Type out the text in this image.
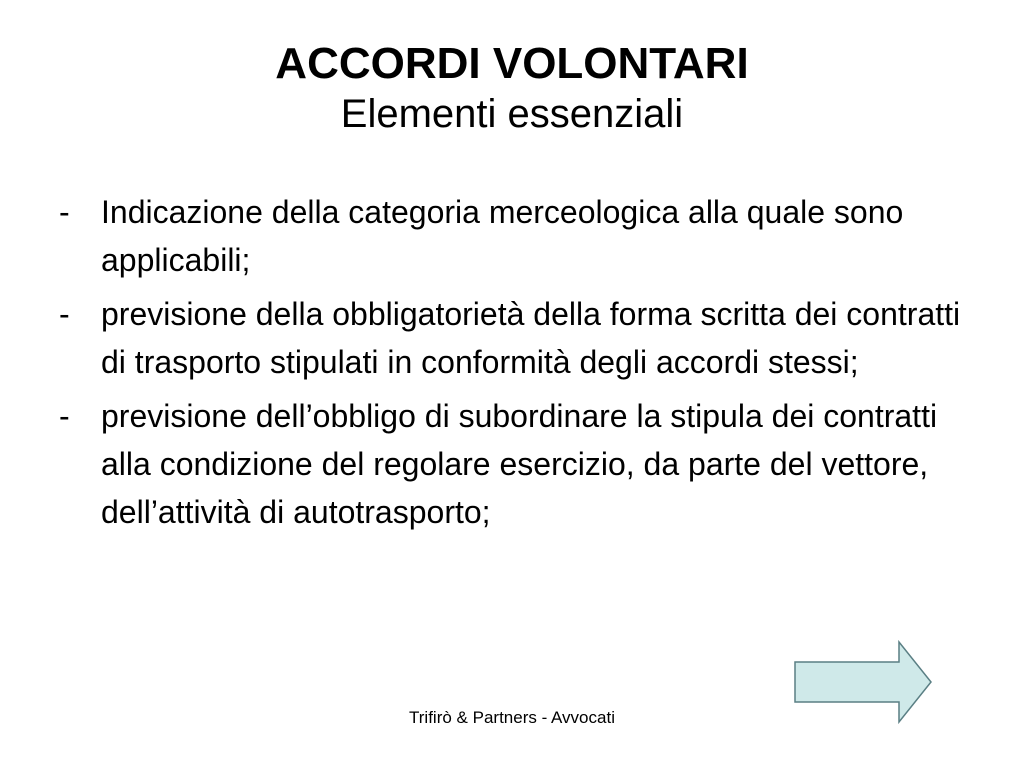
ACCORDI VOLONTARI
Elementi essenziali
- Indicazione della categoria merceologica alla quale sono applicabili;
- previsione della obbligatorietà della forma scritta dei contratti di trasporto stipulati in conformità degli accordi stessi;
- previsione dell’obbligo di subordinare la stipula dei contratti alla condizione del regolare esercizio, da parte del vettore, dell’attività di autotrasporto;
Trifirò & Partners - Avvocati
